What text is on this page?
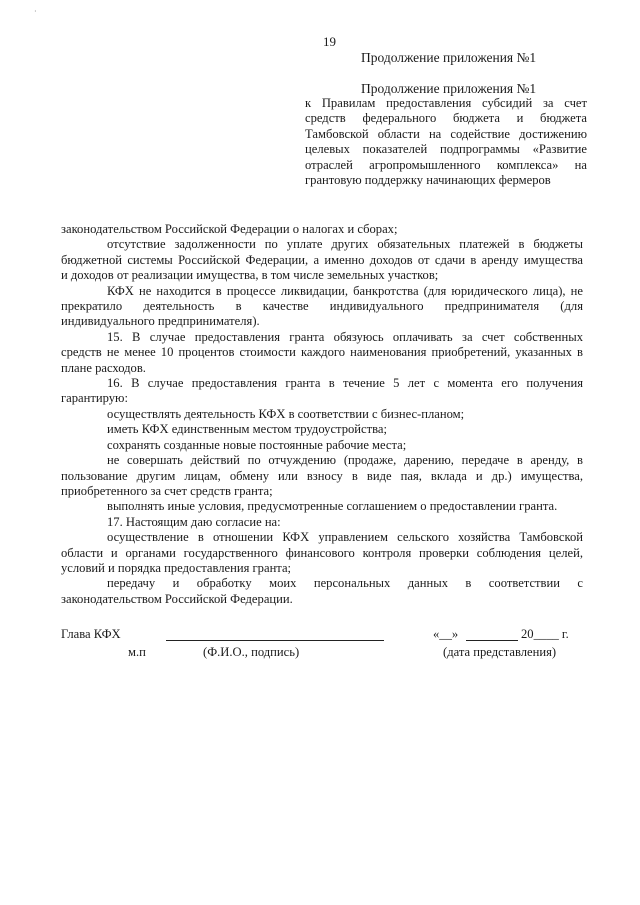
·
19
Продолжение приложения №1
Продолжение приложения №1
к Правилам предоставления субсидий за счет
средств федерального бюджета и бюджета
Тамбовской области на содействие достижению
целевых показателей подпрограммы «Развитие
отраслей агропромышленного комплекса» на
грантовую поддержку начинающих фермеров
законодательством Российской Федерации о налогах и сборах;
отсутствие задолженности по уплате других обязательных платежей в бюджеты
бюджетной системы Российской Федерации, а именно доходов от сдачи в аренду имущества
и доходов от реализации имущества, в том числе земельных участков;
КФХ не находится в процессе ликвидации, банкротства (для юридического лица), не
прекратило деятельность в качестве индивидуального предпринимателя (для
индивидуального предпринимателя).
15. В случае предоставления гранта обязуюсь оплачивать за счет собственных
средств не менее 10 процентов стоимости каждого наименования приобретений, указанных в
плане расходов.
16. В случае предоставления гранта в течение 5 лет с момента его получения
гарантирую:
осуществлять деятельность КФХ в соответствии с бизнес-планом;
иметь КФХ единственным местом трудоустройства;
сохранять созданные новые постоянные рабочие места;
не совершать действий по отчуждению (продаже, дарению, передаче в аренду, в
пользование другим лицам, обмену или взносу в виде пая, вклада и др.) имущества,
приобретенного за счет средств гранта;
выполнять иные условия, предусмотренные соглашением о предоставлении гранта.
17. Настоящим даю согласие на:
осуществление в отношении КФХ управлением сельского хозяйства Тамбовской
области и органами государственного финансового контроля проверки соблюдения целей,
условий и порядка предоставления гранта;
передачу и обработку моих персональных данных в соответствии с
законодательством Российской Федерации.
Глава КФХ
м.п	(Ф.И.О., подпись)
«__»	20____ г.
(дата представления)
